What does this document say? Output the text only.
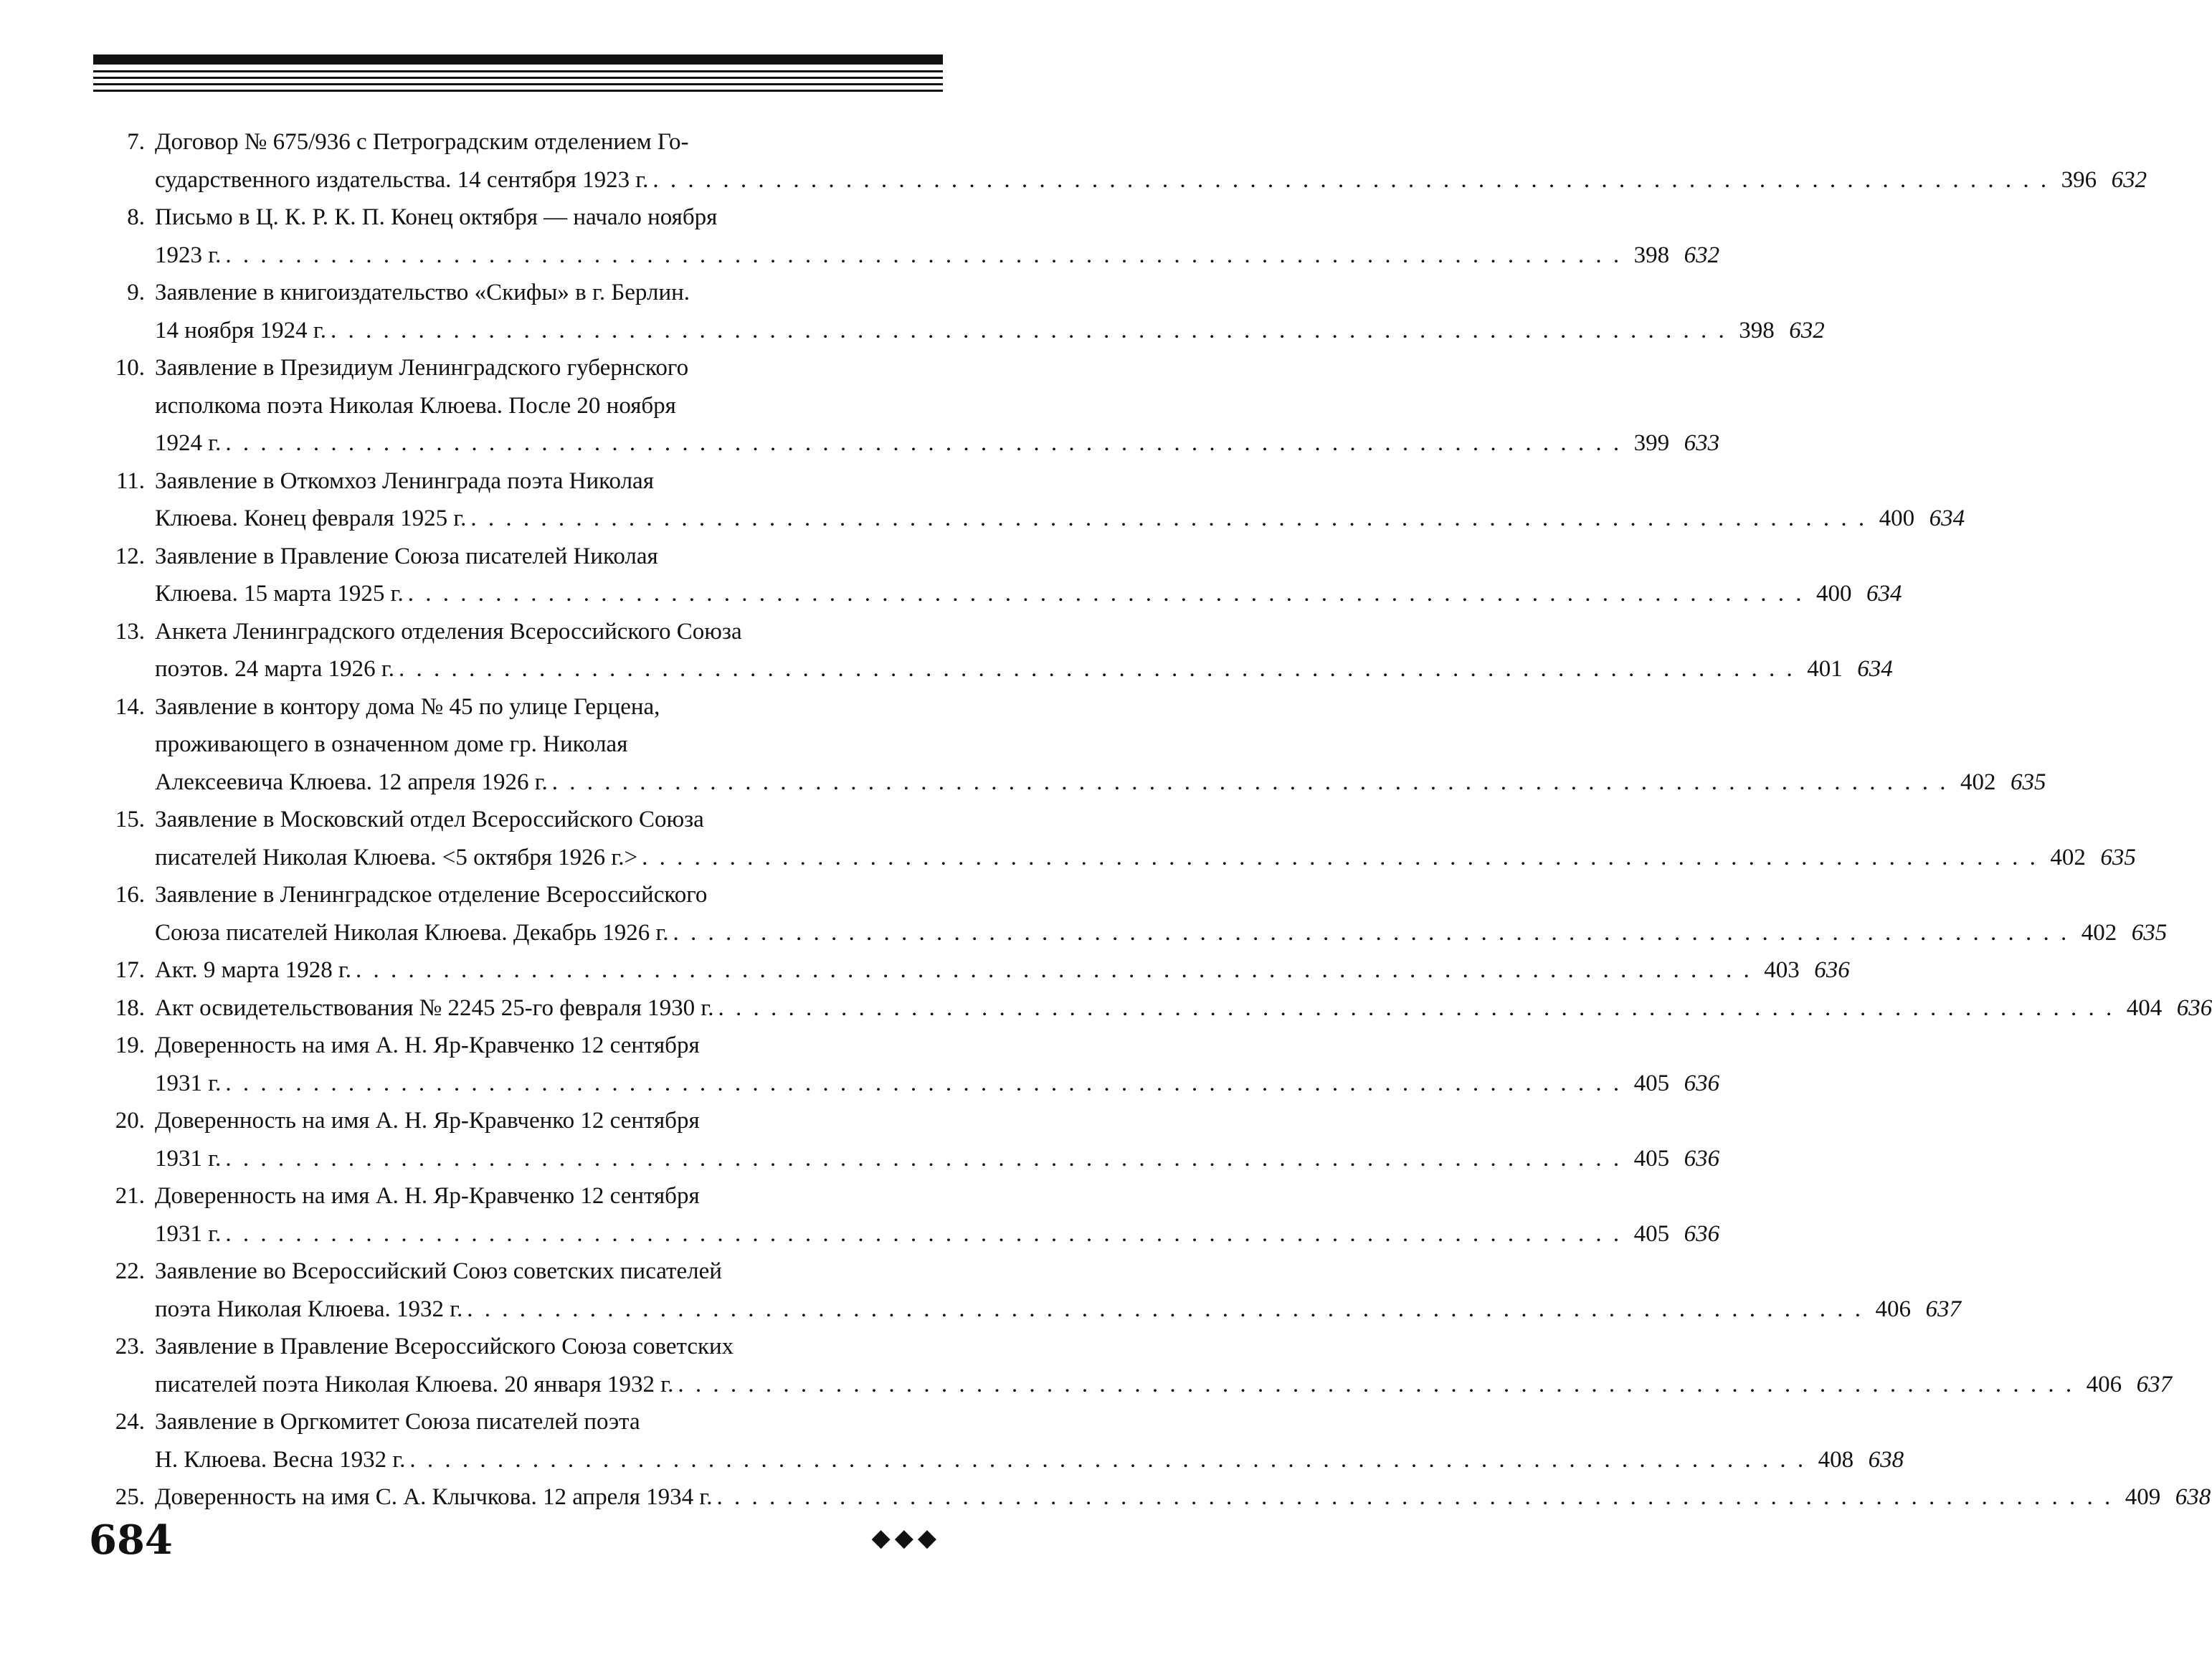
7. Договор № 675/936 с Петроградским отделением Го-
сударственного издательства. 14 сентября 1923 г. . . . . . . . . . . . . . . . . . . . . . . . . . . . . . . . . . . . . . . . . . . . . . . . . . . . . . . . . . . . . . . . . . . . . . . . . . . . . . . . . 396 632
8. Письмо в Ц. К. Р. К. П. Конец октября — начало ноября
1923 г. . . . . . . . . . . . . . . . . . . . . . . . . . . . . . . . . . . . . . . . . . . . . . . . . . . . . . . . . . . . . . . . . . . . . . . . . . . . . . . . . 398 632
9. Заявление в книгоиздательство «Скифы» в г. Берлин.
14 ноября 1924 г. . . . . . . . . . . . . . . . . . . . . . . . . . . . . . . . . . . . . . . . . . . . . . . . . . . . . . . . . . . . . . . . . . . . . . . . . . . . . . . . . 398 632
10. Заявление в Президиум Ленинградского губернского
исполкома поэта Николая Клюева. После 20 ноября
1924 г. . . . . . . . . . . . . . . . . . . . . . . . . . . . . . . . . . . . . . . . . . . . . . . . . . . . . . . . . . . . . . . . . . . . . . . . . . . . . . . . . 399 633
11. Заявление в Откомхоз Ленинграда поэта Николая
Клюева. Конец февраля 1925 г. . . . . . . . . . . . . . . . . . . . . . . . . . . . . . . . . . . . . . . . . . . . . . . . . . . . . . . . . . . . . . . . . . . . . . . . . . . . . . . . . 400 634
12. Заявление в Правление Союза писателей Николая
Клюева. 15 марта 1925 г. . . . . . . . . . . . . . . . . . . . . . . . . . . . . . . . . . . . . . . . . . . . . . . . . . . . . . . . . . . . . . . . . . . . . . . . . . . . . . . . . 400 634
13. Анкета Ленинградского отделения Всероссийского Союза
поэтов. 24 марта 1926 г. . . . . . . . . . . . . . . . . . . . . . . . . . . . . . . . . . . . . . . . . . . . . . . . . . . . . . . . . . . . . . . . . . . . . . . . . . . . . . . . . 401 634
14. Заявление в контору дома № 45 по улице Герцена,
проживающего в означенном доме гр. Николая
Алексеевича Клюева. 12 апреля 1926 г. . . . . . . . . . . . . . . . . . . . . . . . . . . . . . . . . . . . . . . . . . . . . . . . . . . . . . . . . . . . . . . . . . . . . . . . . . . . . . . . . 402 635
15. Заявление в Московский отдел Всероссийского Союза
писателей Николая Клюева. <5 октября 1926 г.> . . . . . . . . . . . . . . . . . . . . . . . . . . . . . . . . . . . . . . . . . . . . . . . . . . . . . . . . . . . . . . . . . . . . . . . . . . . . . . . . 402 635
16. Заявление в Ленинградское отделение Всероссийского
Союза писателей Николая Клюева. Декабрь 1926 г. . . . . . . . . . . . . . . . . . . . . . . . . . . . . . . . . . . . . . . . . . . . . . . . . . . . . . . . . . . . . . . . . . . . . . . . . . . . . . . . . 402 635
17. Акт. 9 марта 1928 г. . . . . . . . . . . . . . . . . . . . . . . . . . . . . . . . . . . . . . . . . . . . . . . . . . . . . . . . . . . . . . . . . . . . . . . . . . . . . . . . . 403 636
18. Акт освидетельствования № 2245 25-го февраля 1930 г. . . . . . . . . . . . . . . . . . . . . . . . . . . . . . . . . . . . . . . . . . . . . . . . . . . . . . . . . . . . . . . . . . . . . . . . . . . . . . . . . 404 636
19. Доверенность на имя А. Н. Яр-Кравченко 12 сентября
1931 г. . . . . . . . . . . . . . . . . . . . . . . . . . . . . . . . . . . . . . . . . . . . . . . . . . . . . . . . . . . . . . . . . . . . . . . . . . . . . . . . . 405 636
20. Доверенность на имя А. Н. Яр-Кравченко 12 сентября
1931 г. . . . . . . . . . . . . . . . . . . . . . . . . . . . . . . . . . . . . . . . . . . . . . . . . . . . . . . . . . . . . . . . . . . . . . . . . . . . . . . . . 405 636
21. Доверенность на имя А. Н. Яр-Кравченко 12 сентября
1931 г. . . . . . . . . . . . . . . . . . . . . . . . . . . . . . . . . . . . . . . . . . . . . . . . . . . . . . . . . . . . . . . . . . . . . . . . . . . . . . . . . 405 636
22. Заявление во Всероссийский Союз советских писателей
поэта Николая Клюева. 1932 г. . . . . . . . . . . . . . . . . . . . . . . . . . . . . . . . . . . . . . . . . . . . . . . . . . . . . . . . . . . . . . . . . . . . . . . . . . . . . . . . . 406 637
23. Заявление в Правление Всероссийского Союза советских
писателей поэта Николая Клюева. 20 января 1932 г. . . . . . . . . . . . . . . . . . . . . . . . . . . . . . . . . . . . . . . . . . . . . . . . . . . . . . . . . . . . . . . . . . . . . . . . . . . . . . . . . 406 637
24. Заявление в Оргкомитет Союза писателей поэта
Н. Клюева. Весна 1932 г. . . . . . . . . . . . . . . . . . . . . . . . . . . . . . . . . . . . . . . . . . . . . . . . . . . . . . . . . . . . . . . . . . . . . . . . . . . . . . . . . 408 638
25. Доверенность на имя С. А. Клычкова. 12 апреля 1934 г. . . . . . . . . . . . . . . . . . . . . . . . . . . . . . . . . . . . . . . . . . . . . . . . . . . . . . . . . . . . . . . . . . . . . . . . . . . . . . . . . 409 638
684	◆◆◆
